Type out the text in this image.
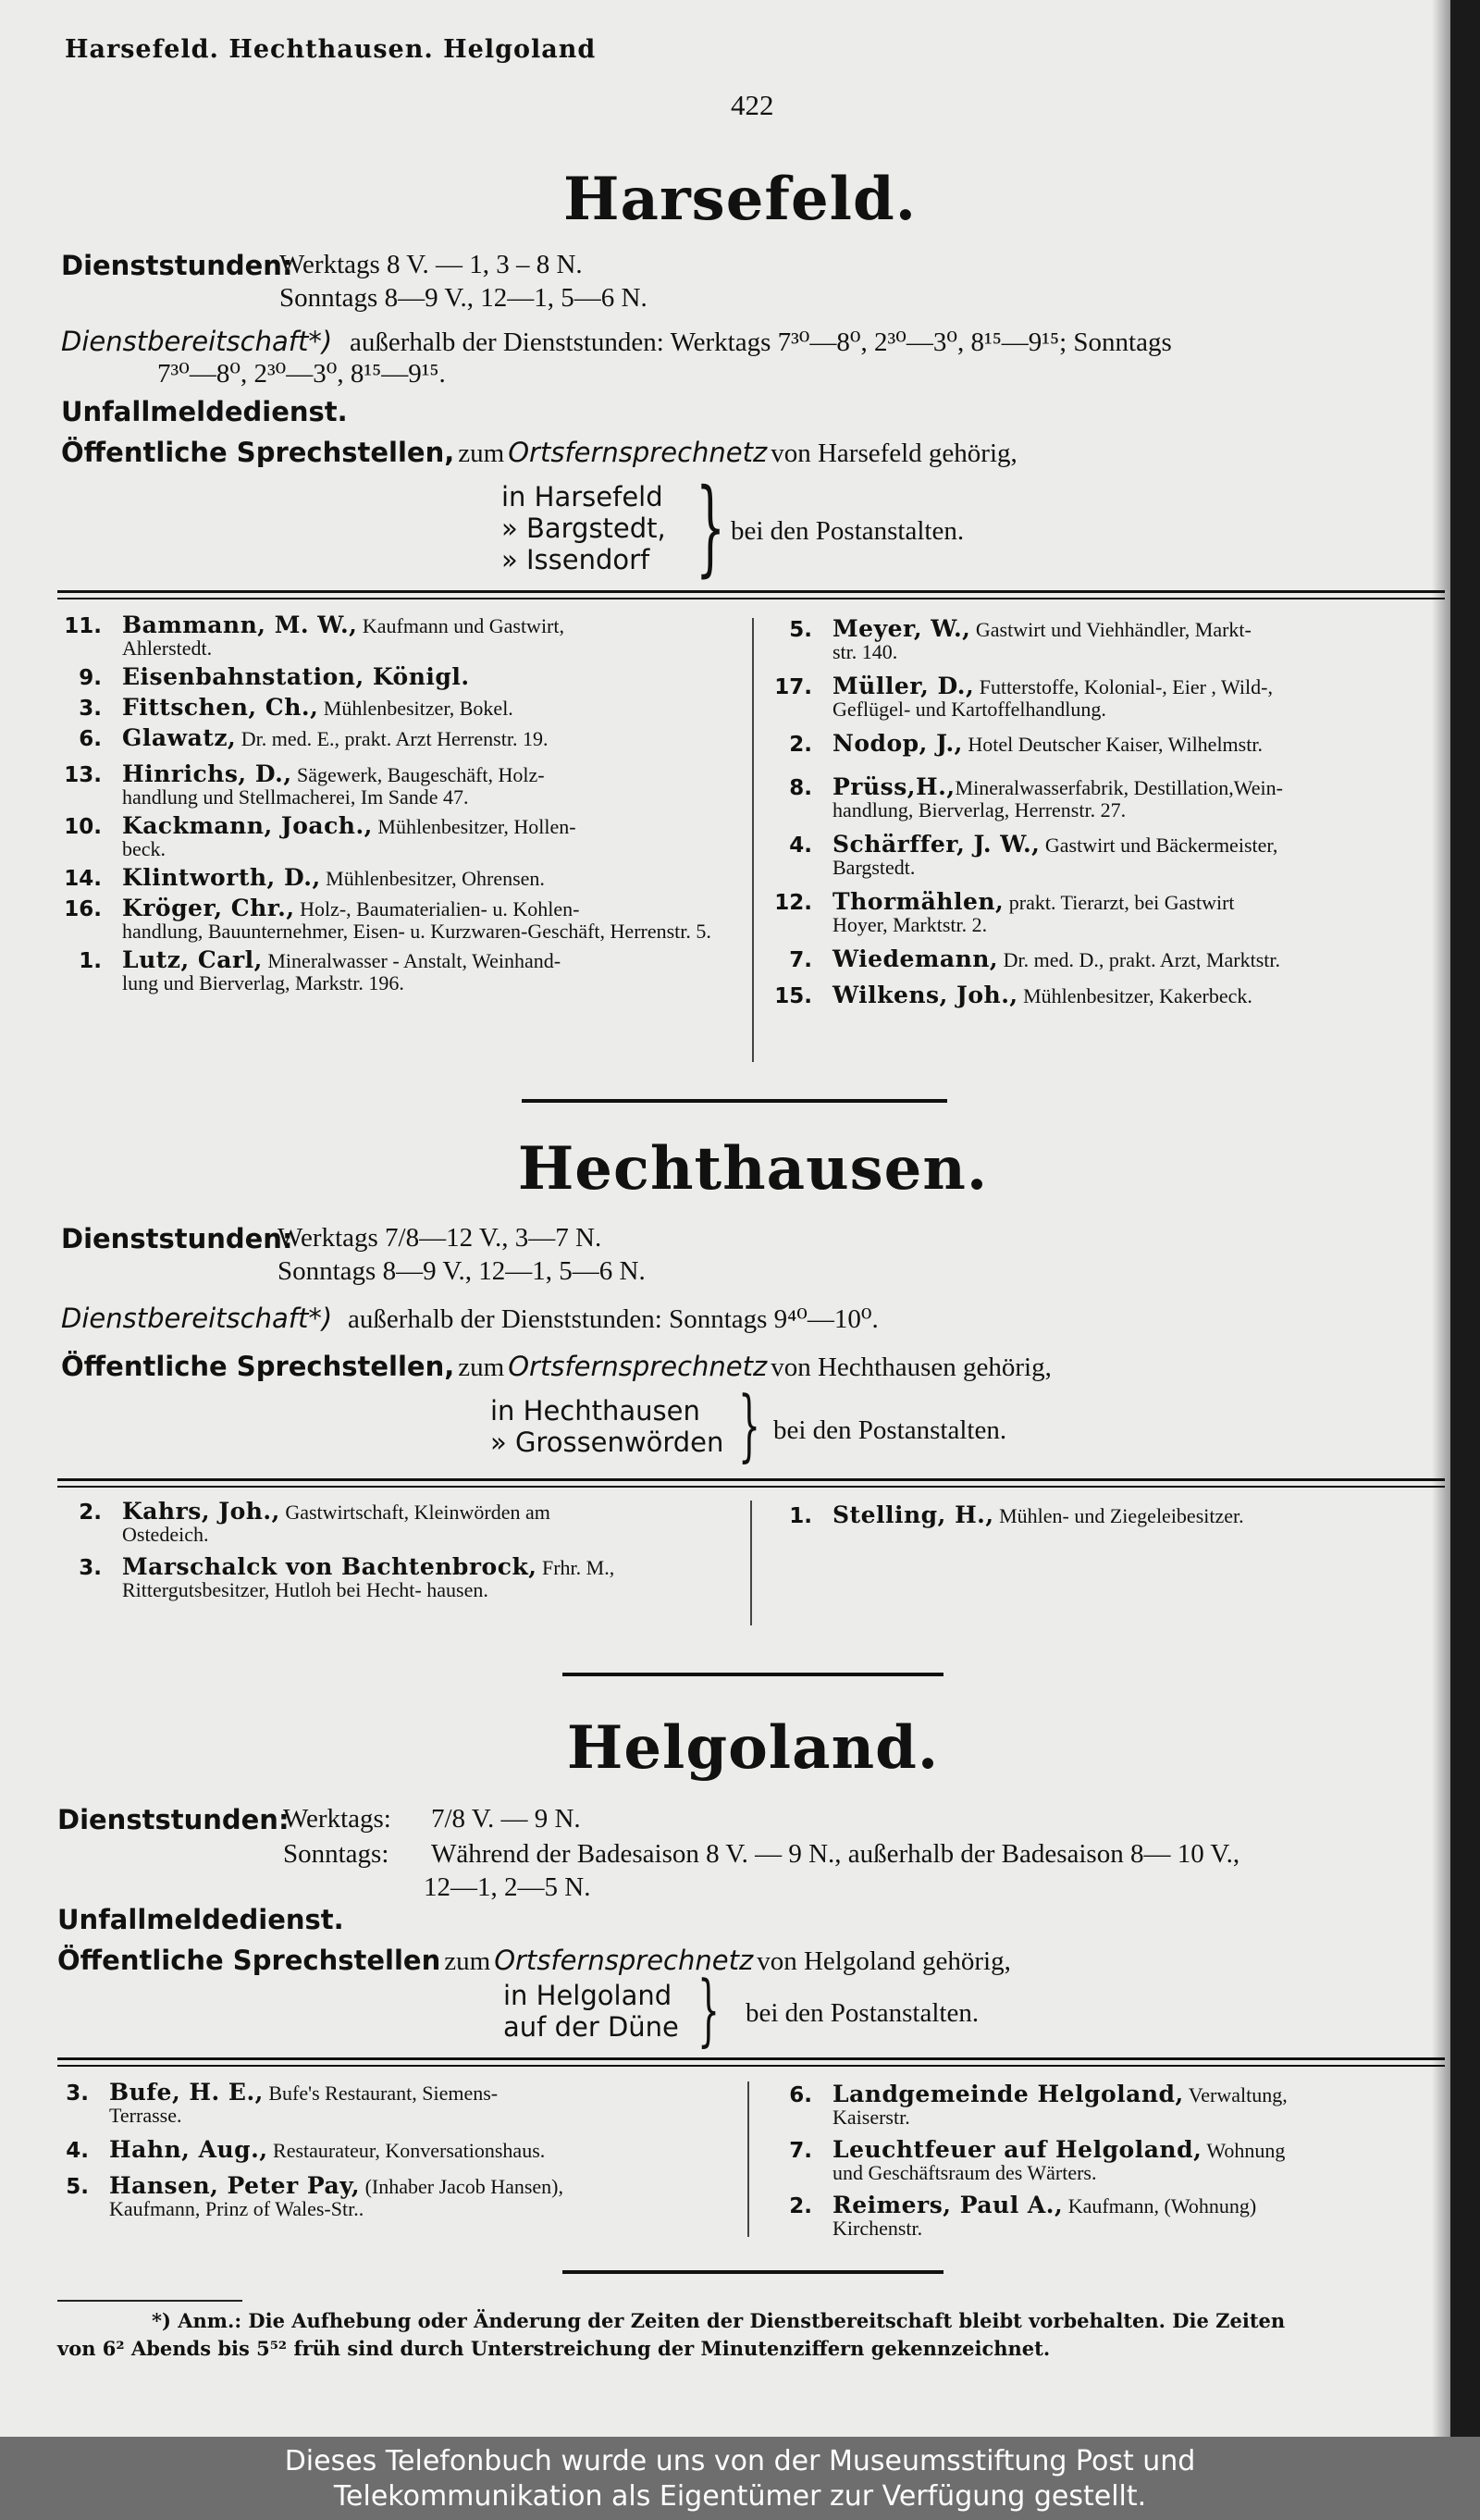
Harsefeld. Hechthausen. Helgoland
422
Harsefeld.
Dienststunden:
Werktags 8 V. — 1, 3 – 8 N.
Sonntags 8—9 V., 12—1, 5—6 N.
Dienstbereitschaft*) außerhalb der Dienststunden: Werktags 7³⁰—8⁰, 2³⁰—3⁰, 8¹⁵—9¹⁵; Sonntags
7³⁰—8⁰, 2³⁰—3⁰, 8¹⁵—9¹⁵.
Unfallmeldedienst.
Öffentliche Sprechstellen, zum Ortsfernsprechnetz von Harsefeld gehörig,
in Harsefeld
» Bargstedt,
» Issendorf } bei den Postanstalten.
11. Bammann, M. W., Kaufmann und Gastwirt,
Ahlerstedt.
9. Eisenbahnstation, Königl.
3. Fittschen, Ch., Mühlenbesitzer, Bokel.
6. Glawatz, Dr. med. E., prakt. Arzt Herrenstr. 19.
13. Hinrichs, D., Sägewerk, Baugeschäft, Holz-
handlung und Stellmacherei, Im Sande 47.
10. Kackmann, Joach., Mühlenbesitzer, Hollen-
beck.
14. Klintworth, D., Mühlenbesitzer, Ohrensen.
16. Kröger, Chr., Holz-, Baumaterialien- u. Kohlen-
handlung, Bauunternehmer, Eisen- u. Kurzwaren-Geschäft, Herrenstr. 5.
1. Lutz, Carl, Mineralwasser - Anstalt, Weinhand-
lung und Bierverlag, Markstr. 196.
5. Meyer, W., Gastwirt und Viehhändler, Markt-
str. 140.
17. Müller, D., Futterstoffe, Kolonial-, Eier , Wild-,
Geflügel- und Kartoffelhandlung.
2. Nodop, J., Hotel Deutscher Kaiser, Wilhelmstr.
8. Prüss,H.,Mineralwasserfabrik, Destillation,Wein-
handlung, Bierverlag, Herrenstr. 27.
4. Schärffer, J. W., Gastwirt und Bäckermeister,
Bargstedt.
12. Thormählen, prakt. Tierarzt, bei Gastwirt
Hoyer, Marktstr. 2.
7. Wiedemann, Dr. med. D., prakt. Arzt, Marktstr.
15. Wilkens, Joh., Mühlenbesitzer, Kakerbeck.
Hechthausen.
Dienststunden:
Werktags 7/8—12 V., 3—7 N.
Sonntags 8—9 V., 12—1, 5—6 N.
Dienstbereitschaft*) außerhalb der Dienststunden: Sonntags 9⁴⁰—10⁰.
Öffentliche Sprechstellen, zum Ortsfernsprechnetz von Hechthausen gehörig,
in Hechthausen
» Grossenwörden } bei den Postanstalten.
2. Kahrs, Joh., Gastwirtschaft, Kleinwörden am
Ostedeich.
3. Marschalck von Bachtenbrock, Frhr. M.,
Rittergutsbesitzer, Hutloh bei Hecht- hausen.
1. Stelling, H., Mühlen- und Ziegeleibesitzer.
Helgoland.
Dienststunden:
Werktags: 7/8 V. — 9 N.
Sonntags: Während der Badesaison 8 V. — 9 N., außerhalb der Badesaison 8— 10 V.,
12—1, 2—5 N.
Unfallmeldedienst.
Öffentliche Sprechstellen zum Ortsfernsprechnetz von Helgoland gehörig,
in Helgoland
auf der Düne } bei den Postanstalten.
3. Bufe, H. E., Bufe's Restaurant, Siemens-
Terrasse.
4. Hahn, Aug., Restaurateur, Konversationshaus.
5. Hansen, Peter Pay, (Inhaber Jacob Hansen),
Kaufmann, Prinz of Wales-Str..
6. Landgemeinde Helgoland, Verwaltung,
Kaiserstr.
7. Leuchtfeuer auf Helgoland, Wohnung
und Geschäftsraum des Wärters.
2. Reimers, Paul A., Kaufmann, (Wohnung)
Kirchenstr.
*) Anm.: Die Aufhebung oder Änderung der Zeiten der Dienstbereitschaft bleibt vorbehalten. Die Zeiten
von 6² Abends bis 5⁵² früh sind durch Unterstreichung der Minutenziffern gekennzeichnet.
Dieses Telefonbuch wurde uns von der Museumsstiftung Post und
Telekommunikation als Eigentümer zur Verfügung gestellt.
